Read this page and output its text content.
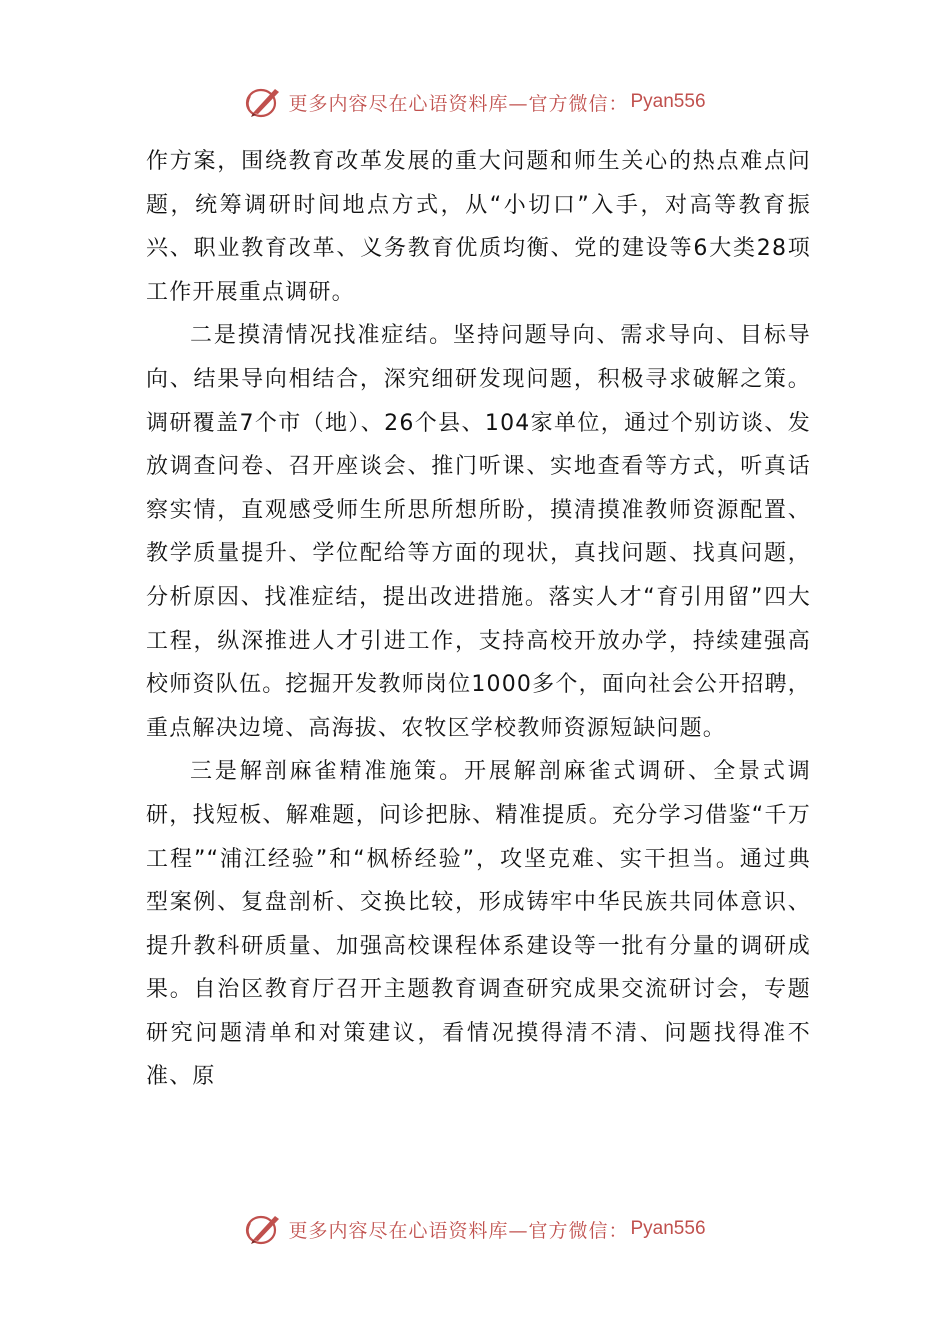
更多内容尽在心语资料库—官方微信： Pyan556

作方案，围绕教育改革发展的重大问题和师生关心的热点难点问题，统筹调研时间地点方式，从“小切口”入手，对高等教育振兴、职业教育改革、义务教育优质均衡、党的建设等6大类28项工作开展重点调研。

二是摸清情况找准症结。坚持问题导向、需求导向、目标导向、结果导向相结合，深究细研发现问题，积极寻求破解之策。调研覆盖7个市（地）、26个县、104家单位，通过个别访谈、发放调查问卷、召开座谈会、推门听课、实地查看等方式，听真话察实情，直观感受师生所思所想所盼，摸清摸准教师资源配置、教学质量提升、学位配给等方面的现状，真找问题、找真问题，分析原因、找准症结，提出改进措施。落实人才“育引用留”四大工程，纵深推进人才引进工作，支持高校开放办学，持续建强高校师资队伍。挖掘开发教师岗位1000多个，面向社会公开招聘，重点解决边境、高海拔、农牧区学校教师资源短缺问题。

三是解剖麻雀精准施策。开展解剖麻雀式调研、全景式调研，找短板、解难题，问诊把脉、精准提质。充分学习借鉴“千万工程”“浦江经验”和“枫桥经验”，攻坚克难、实干担当。通过典型案例、复盘剖析、交换比较，形成铸牢中华民族共同体意识、提升教科研质量、加强高校课程体系建设等一批有分量的调研成果。自治区教育厅召开主题教育调查研究成果交流研讨会，专题研究问题清单和对策建议，看情况摸得清不清、问题找得准不准、原

更多内容尽在心语资料库—官方微信： Pyan556
